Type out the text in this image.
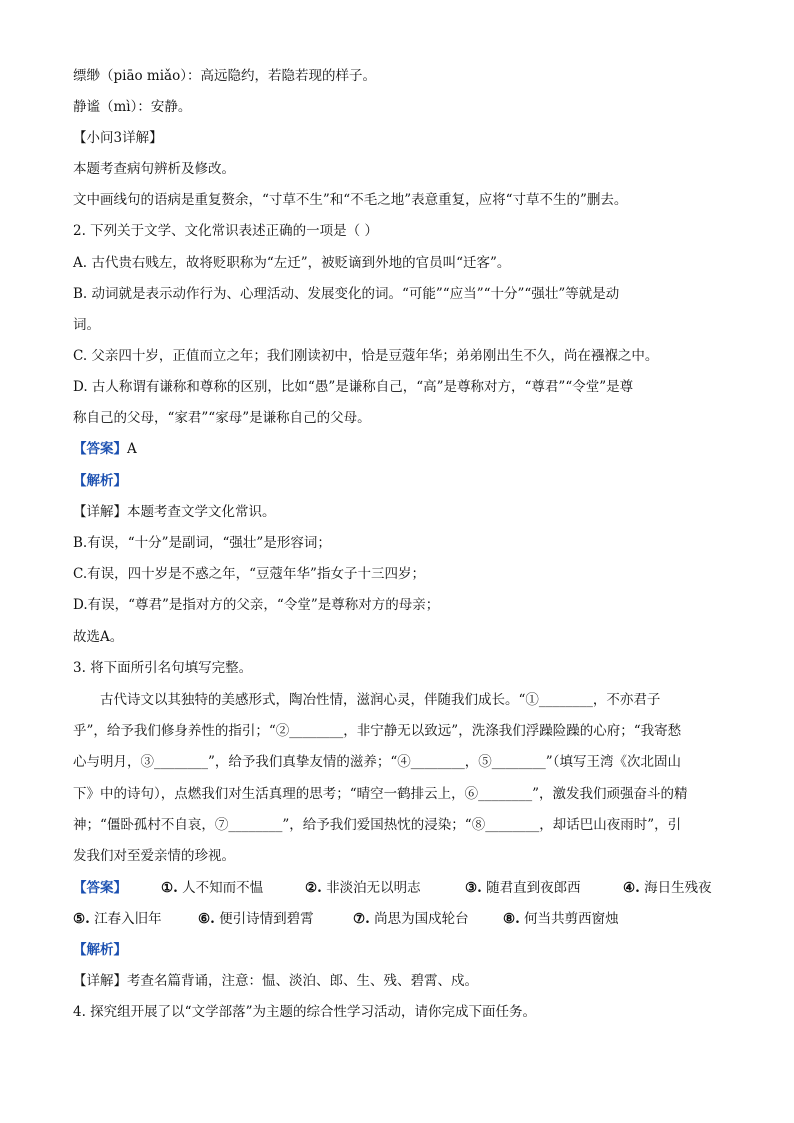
缥缈（piāo miǎo）：高远隐约，若隐若现的样子。
静谧（mì）：安静。
【小问3详解】
本题考查病句辨析及修改。
文中画线句的语病是重复赘余，“寸草不生”和“不毛之地”表意重复，应将“寸草不生的”删去。
2. 下列关于文学、文化常识表述正确的一项是（ ）
A. 古代贵右贱左，故将贬职称为“左迁”，被贬谪到外地的官员叫“迁客”。
B. 动词就是表示动作行为、心理活动、发展变化的词。“可能”“应当”“十分”“强壮”等就是动
词。
C. 父亲四十岁，正值而立之年；我们刚读初中，恰是豆蔻年华；弟弟刚出生不久，尚在襁褓之中。
D. 古人称谓有谦称和尊称的区别，比如“愚”是谦称自己，“高”是尊称对方，“尊君”“令堂”是尊
称自己的父母，“家君”“家母”是谦称自己的父母。
【答案】A
【解析】
【详解】本题考查文学文化常识。
B.有误，“十分”是副词，“强壮”是形容词；
C.有误，四十岁是不惑之年，“豆蔻年华”指女子十三四岁；
D.有误，“尊君”是指对方的父亲，“令堂”是尊称对方的母亲；
故选A。
3. 将下面所引名句填写完整。
古代诗文以其独特的美感形式，陶冶性情，滋润心灵，伴随我们成长。“①________，不亦君子
乎”，给予我们修身养性的指引；“②________，非宁静无以致远”，洗涤我们浮躁险躁的心府；“我寄愁
心与明月，③________”，给予我们真挚友情的滋养；“④________，⑤________”（填写王湾《次北固山
下》中的诗句），点燃我们对生活真理的思考；“晴空一鹤排云上，⑥________”，激发我们顽强奋斗的精
神；“僵卧孤村不自哀，⑦________”，给予我们爱国热忱的浸染；“⑧________，却话巴山夜雨时”，引
发我们对至爱亲情的珍视。
【答案】	①. 人不知而不愠	②. 非淡泊无以明志	③. 随君直到夜郎西	④. 海日生残夜
⑤. 江春入旧年	⑥. 便引诗情到碧霄	⑦. 尚思为国戍轮台	⑧. 何当共剪西窗烛
【解析】
【详解】考查名篇背诵，注意：愠、淡泊、郎、生、残、碧霄、戍。
4. 探究组开展了以“文学部落”为主题的综合性学习活动，请你完成下面任务。
